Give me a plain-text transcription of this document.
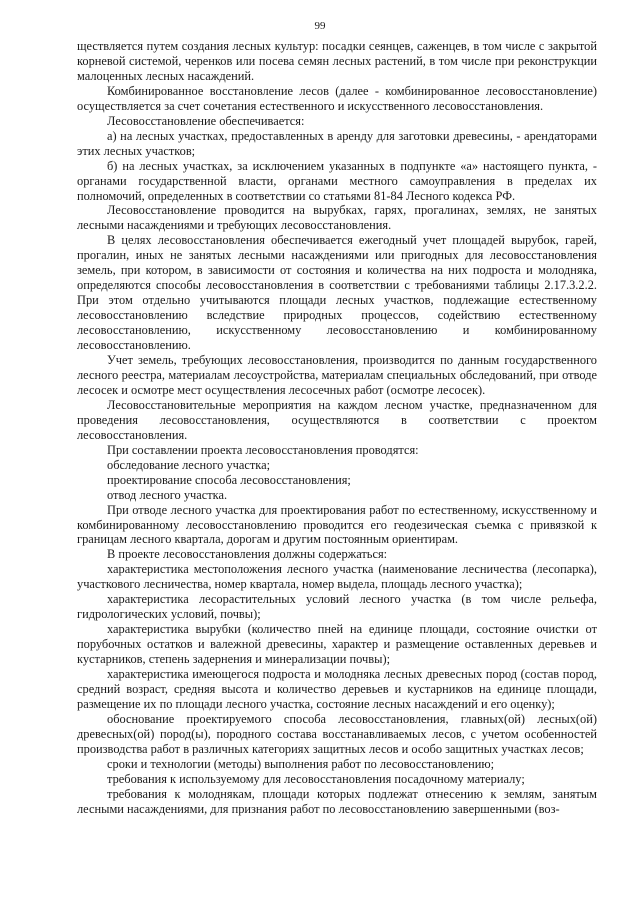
99

ществляется путем создания лесных культур: посадки сеянцев, саженцев, в том числе с закрытой корневой системой, черенков или посева семян лесных растений, в том числе при реконструкции малоценных лесных насаждений.

Комбинированное восстановление лесов (далее - комбинированное лесовосстановление) осуществляется за счет сочетания естественного и искусственного лесовосстановления.

Лесовосстановление обеспечивается:

а) на лесных участках, предоставленных в аренду для заготовки древесины, - арендаторами этих лесных участков;

б) на лесных участках, за исключением указанных в подпункте «а» настоящего пункта, - органами государственной власти, органами местного самоуправления в пределах их полномочий, определенных в соответствии со статьями 81-84 Лесного кодекса РФ.

Лесовосстановление проводится на вырубках, гарях, прогалинах, землях, не занятых лесными насаждениями и требующих лесовосстановления.

В целях лесовосстановления обеспечивается ежегодный учет площадей вырубок, гарей, прогалин, иных не занятых лесными насаждениями или пригодных для лесовосстановления земель, при котором, в зависимости от состояния и количества на них подроста и молодняка, определяются способы лесовосстановления в соответствии с требованиями таблицы 2.17.3.2.2. При этом отдельно учитываются площади лесных участков, подлежащие естественному лесовосстановлению вследствие природных процессов, содействию естественному лесовосстановлению, искусственному лесовосстановлению и комбинированному лесовосстановлению.

Учет земель, требующих лесовосстановления, производится по данным государственного лесного реестра, материалам лесоустройства, материалам специальных обследований, при отводе лесосек и осмотре мест осуществления лесосечных работ (осмотре лесосек).

Лесовосстановительные мероприятия на каждом лесном участке, предназначенном для проведения лесовосстановления, осуществляются в соответствии с проектом лесовосстановления.

При составлении проекта лесовосстановления проводятся:

обследование лесного участка;

проектирование способа лесовосстановления;

отвод лесного участка.

При отводе лесного участка для проектирования работ по естественному, искусственному и комбинированному лесовосстановлению проводится его геодезическая съемка с привязкой к границам лесного квартала, дорогам и другим постоянным ориентирам.

В проекте лесовосстановления должны содержаться:

характеристика местоположения лесного участка (наименование лесничества (лесопарка), участкового лесничества, номер квартала, номер выдела, площадь лесного участка);

характеристика лесорастительных условий лесного участка (в том числе рельефа, гидрологических условий, почвы);

характеристика вырубки (количество пней на единице площади, состояние очистки от порубочных остатков и валежной древесины, характер и размещение оставленных деревьев и кустарников, степень задернения и минерализации почвы);

характеристика имеющегося подроста и молодняка лесных древесных пород (состав пород, средний возраст, средняя высота и количество деревьев и кустарников на единице площади, размещение их по площади лесного участка, состояние лесных насаждений и его оценку);

обоснование проектируемого способа лесовосстановления, главных(ой) лесных(ой) древесных(ой) пород(ы), породного состава восстанавливаемых лесов, с учетом особенностей производства работ в различных категориях защитных лесов и особо защитных участках лесов;

сроки и технологии (методы) выполнения работ по лесовосстановлению;

требования к используемому для лесовосстановления посадочному материалу;

требования к молоднякам, площади которых подлежат отнесению к землям, занятым лесными насаждениями, для признания работ по лесовосстановлению завершенными (воз-
